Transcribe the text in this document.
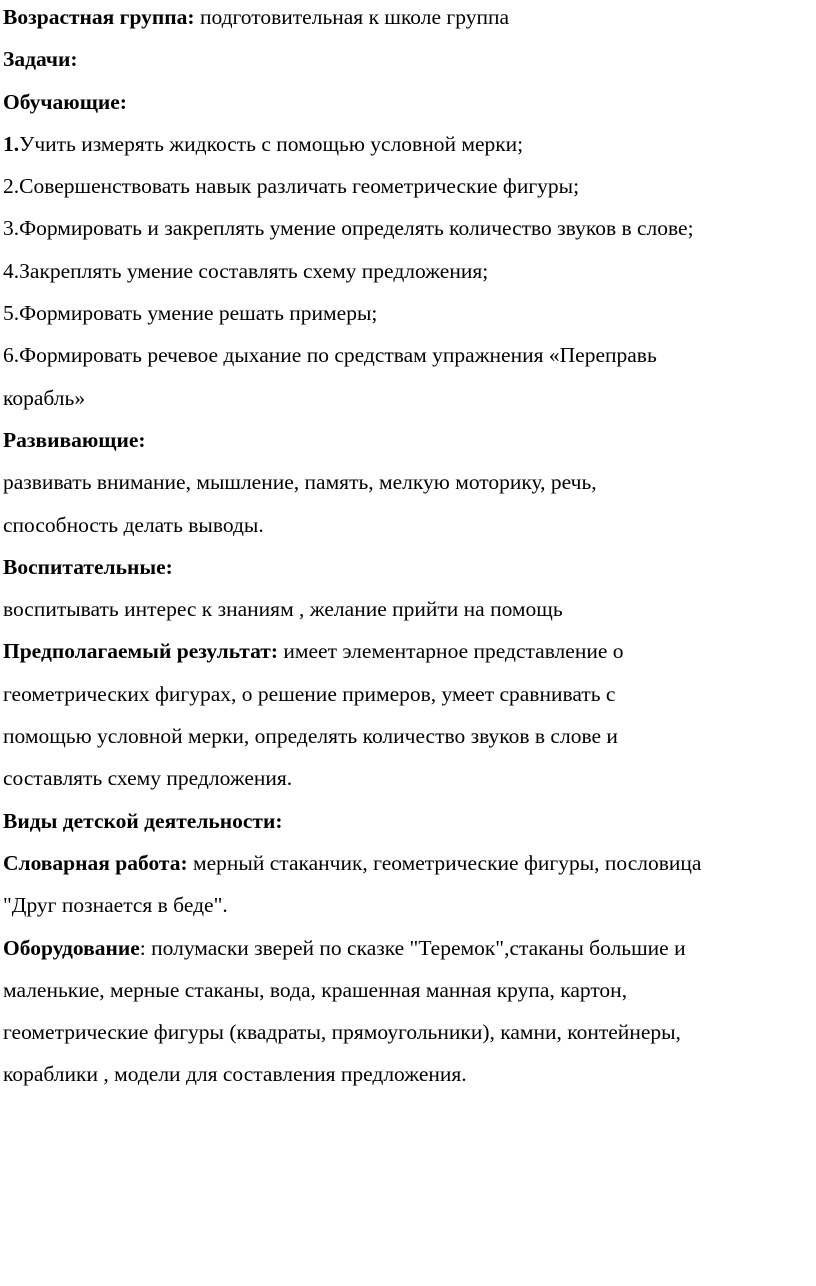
Возрастная группа: подготовительная к школе группа

Задачи:

Обучающие:

1.Учить измерять жидкость с помощью условной мерки;

2.Совершенствовать навык различать геометрические фигуры;

3.Формировать и закреплять умение определять количество звуков в слове;

4.Закреплять умение составлять схему предложения;

5.Формировать умение решать примеры;

6.Формировать речевое дыхание по средствам упражнения «Переправь

корабль»

Развивающие:

развивать внимание, мышление, память, мелкую моторику, речь,

способность делать выводы.

Воспитательные:

воспитывать интерес к знаниям , желание прийти на помощь

Предполагаемый результат: имеет элементарное представление о

геометрических фигурах, о решение примеров, умеет сравнивать с

помощью условной мерки, определять количество звуков в слове и

составлять схему предложения.

Виды детской деятельности:

Словарная работа: мерный стаканчик, геометрические фигуры, пословица

"Друг познается в беде".

Оборудование: полумаски зверей по сказке "Теремок",стаканы большие и

маленькие, мерные стаканы, вода, крашенная манная крупа, картон,

геометрические фигуры (квадраты, прямоугольники), камни, контейнеры,

кораблики , модели для составления предложения.
